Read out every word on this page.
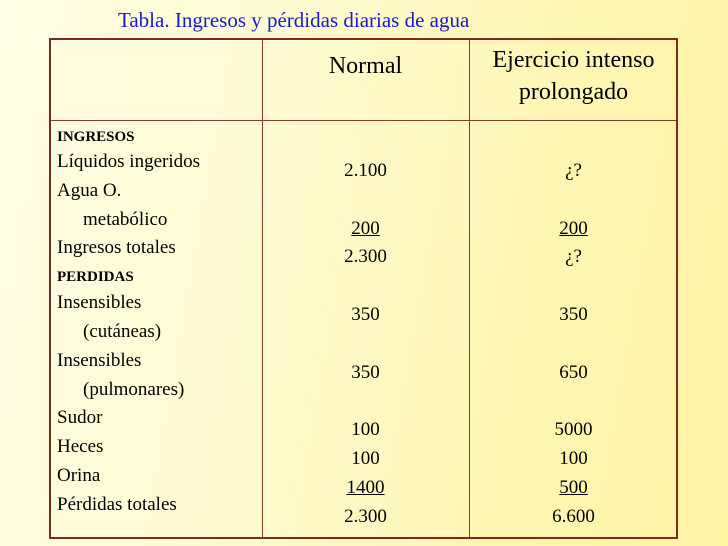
Tabla. Ingresos y pérdidas diarias de agua
Normal	Ejercicio intenso
prolongado
INGRESOS
Líquidos ingeridos
Agua O.
metabólico
Ingresos totales
PERDIDAS
Insensibles
(cutáneas)
Insensibles
(pulmonares)
Sudor
Heces
Orina
Pérdidas totales
2.100
200
2.300
350
350
100
100
1400
2.300
¿?
200
¿?
350
650
5000
100
500
6.600
